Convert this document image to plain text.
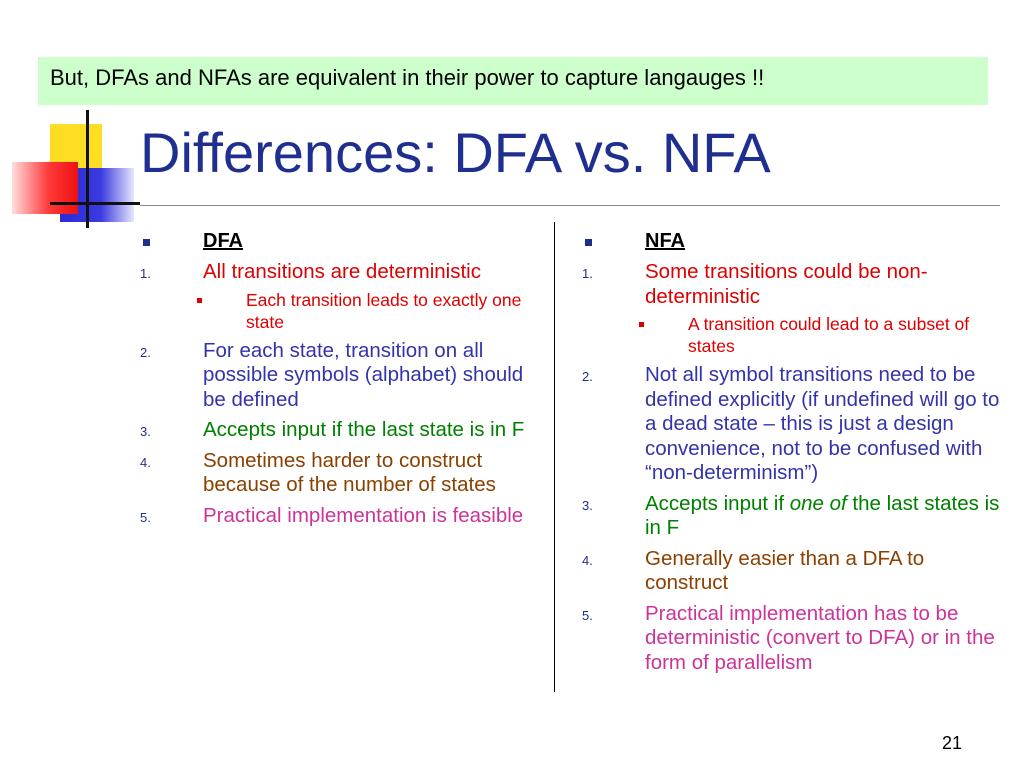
But, DFAs and NFAs are equivalent in their power to capture langauges !!
Differences: DFA vs. NFA
DFA
1.	All transitions are deterministic
Each transition leads to exactly one state
2.	For each state, transition on all possible symbols (alphabet) should be defined
3.	Accepts input if the last state is in F
4.	Sometimes harder to construct because of the number of states
5.	Practical implementation is feasible
NFA
1.	Some transitions could be non-deterministic
A transition could lead to a subset of states
2.	Not all symbol transitions need to be defined explicitly (if undefined will go to a dead state – this is just a design convenience, not to be confused with “non-determinism”)
3.	Accepts input if one of the last states is in F
4.	Generally easier than a DFA to construct
5.	Practical implementation has to be deterministic (convert to DFA) or in the form of parallelism
21
